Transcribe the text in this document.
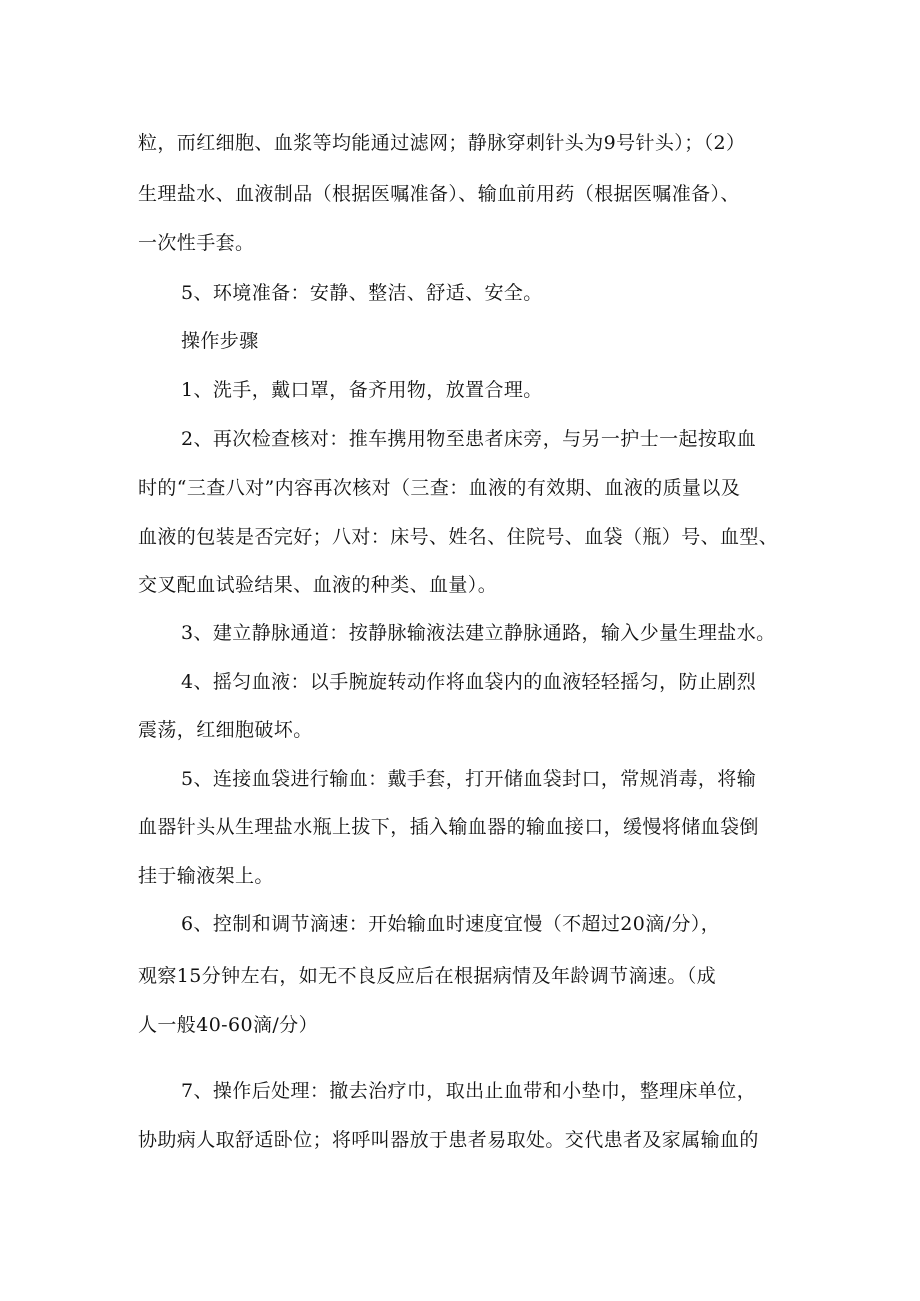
粒，而红细胞、血浆等均能通过滤网；静脉穿刺针头为9号针头）；（2）
生理盐水、血液制品（根据医嘱准备）、输血前用药（根据医嘱准备）、
一次性手套。
5、环境准备：安静、整洁、舒适、安全。
操作步骤
1、洗手，戴口罩，备齐用物，放置合理。
2、再次检查核对：推车携用物至患者床旁，与另一护士一起按取血
时的“三查八对”内容再次核对（三查：血液的有效期、血液的质量以及
血液的包装是否完好；八对：床号、姓名、住院号、血袋（瓶）号、血型、
交叉配血试验结果、血液的种类、血量）。
3、建立静脉通道：按静脉输液法建立静脉通路，输入少量生理盐水。
4、摇匀血液：以手腕旋转动作将血袋内的血液轻轻摇匀，防止剧烈
震荡，红细胞破坏。
5、连接血袋进行输血：戴手套，打开储血袋封口，常规消毒，将输
血器针头从生理盐水瓶上拔下，插入输血器的输血接口，缓慢将储血袋倒
挂于输液架上。
6、控制和调节滴速：开始输血时速度宜慢（不超过20滴/分），
观察15分钟左右，如无不良反应后在根据病情及年龄调节滴速。（成
人一般40-60滴/分）
7、操作后处理：撤去治疗巾，取出止血带和小垫巾，整理床单位，
协助病人取舒适卧位；将呼叫器放于患者易取处。交代患者及家属输血的
